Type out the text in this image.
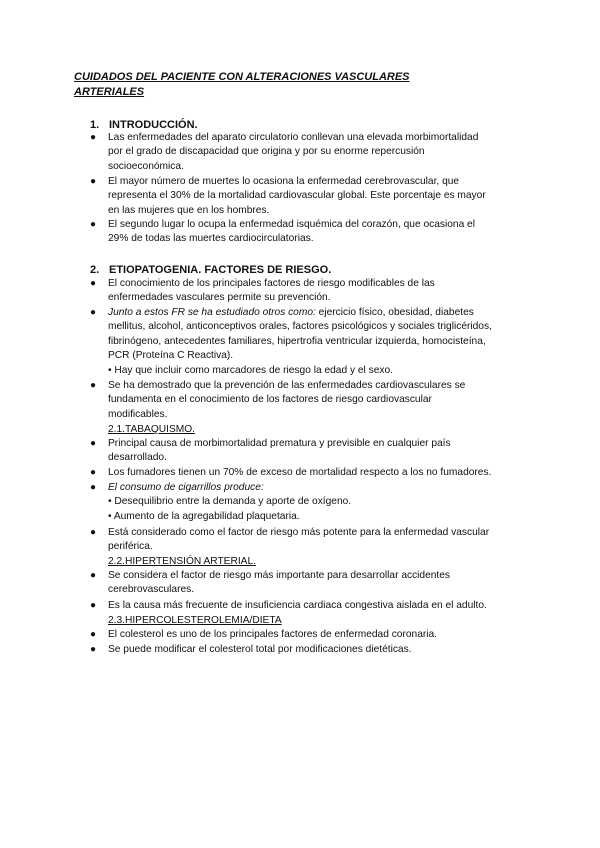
CUIDADOS DEL PACIENTE CON ALTERACIONES VASCULARES
ARTERIALES
1. INTRODUCCIÓN.
● Las enfermedades del aparato circulatorio conllevan una elevada morbimortalidad
por el grado de discapacidad que origina y por su enorme repercusión
socioeconómica.
● El mayor número de muertes lo ocasiona la enfermedad cerebrovascular, que
representa el 30% de la mortalidad cardiovascular global. Este porcentaje es mayor
en las mujeres que en los hombres.
● El segundo lugar lo ocupa la enfermedad isquémica del corazón, que ocasiona el
29% de todas las muertes cardiocirculatorias.
2. ETIOPATOGENIA. FACTORES DE RIESGO.
● El conocimiento de los principales factores de riesgo modificables de las
enfermedades vasculares permite su prevención.
● Junto a estos FR se ha estudiado otros como: ejercicio físico, obesidad, diabetes
mellitus, alcohol, anticonceptivos orales, factores psicológicos y sociales triglicéridos,
fibrinógeno, antecedentes familiares, hipertrofia ventricular izquierda, homocisteína,
PCR (Proteína C Reactiva).
• Hay que incluir como marcadores de riesgo la edad y el sexo.
● Se ha demostrado que la prevención de las enfermedades cardiovasculares se
fundamenta en el conocimiento de los factores de riesgo cardiovascular
modificables.
2.1.TABAQUISMO.
● Principal causa de morbimortalidad prematura y previsible en cualquier país
desarrollado.
● Los fumadores tienen un 70% de exceso de mortalidad respecto a los no fumadores.
● El consumo de cigarrillos produce:
• Desequilibrio entre la demanda y aporte de oxígeno.
• Aumento de la agregabilidad plaquetaria.
● Está considerado como el factor de riesgo más potente para la enfermedad vascular
periférica.
2.2.HIPERTENSIÓN ARTERIAL.
● Se considera el factor de riesgo más importante para desarrollar accidentes
cerebrovasculares.
● Es la causa más frecuente de insuficiencia cardiaca congestiva aislada en el adulto.
2.3.HIPERCOLESTEROLEMIA/DIETA
● El colesterol es uno de los principales factores de enfermedad coronaria.
● Se puede modificar el colesterol total por modificaciones dietéticas.
